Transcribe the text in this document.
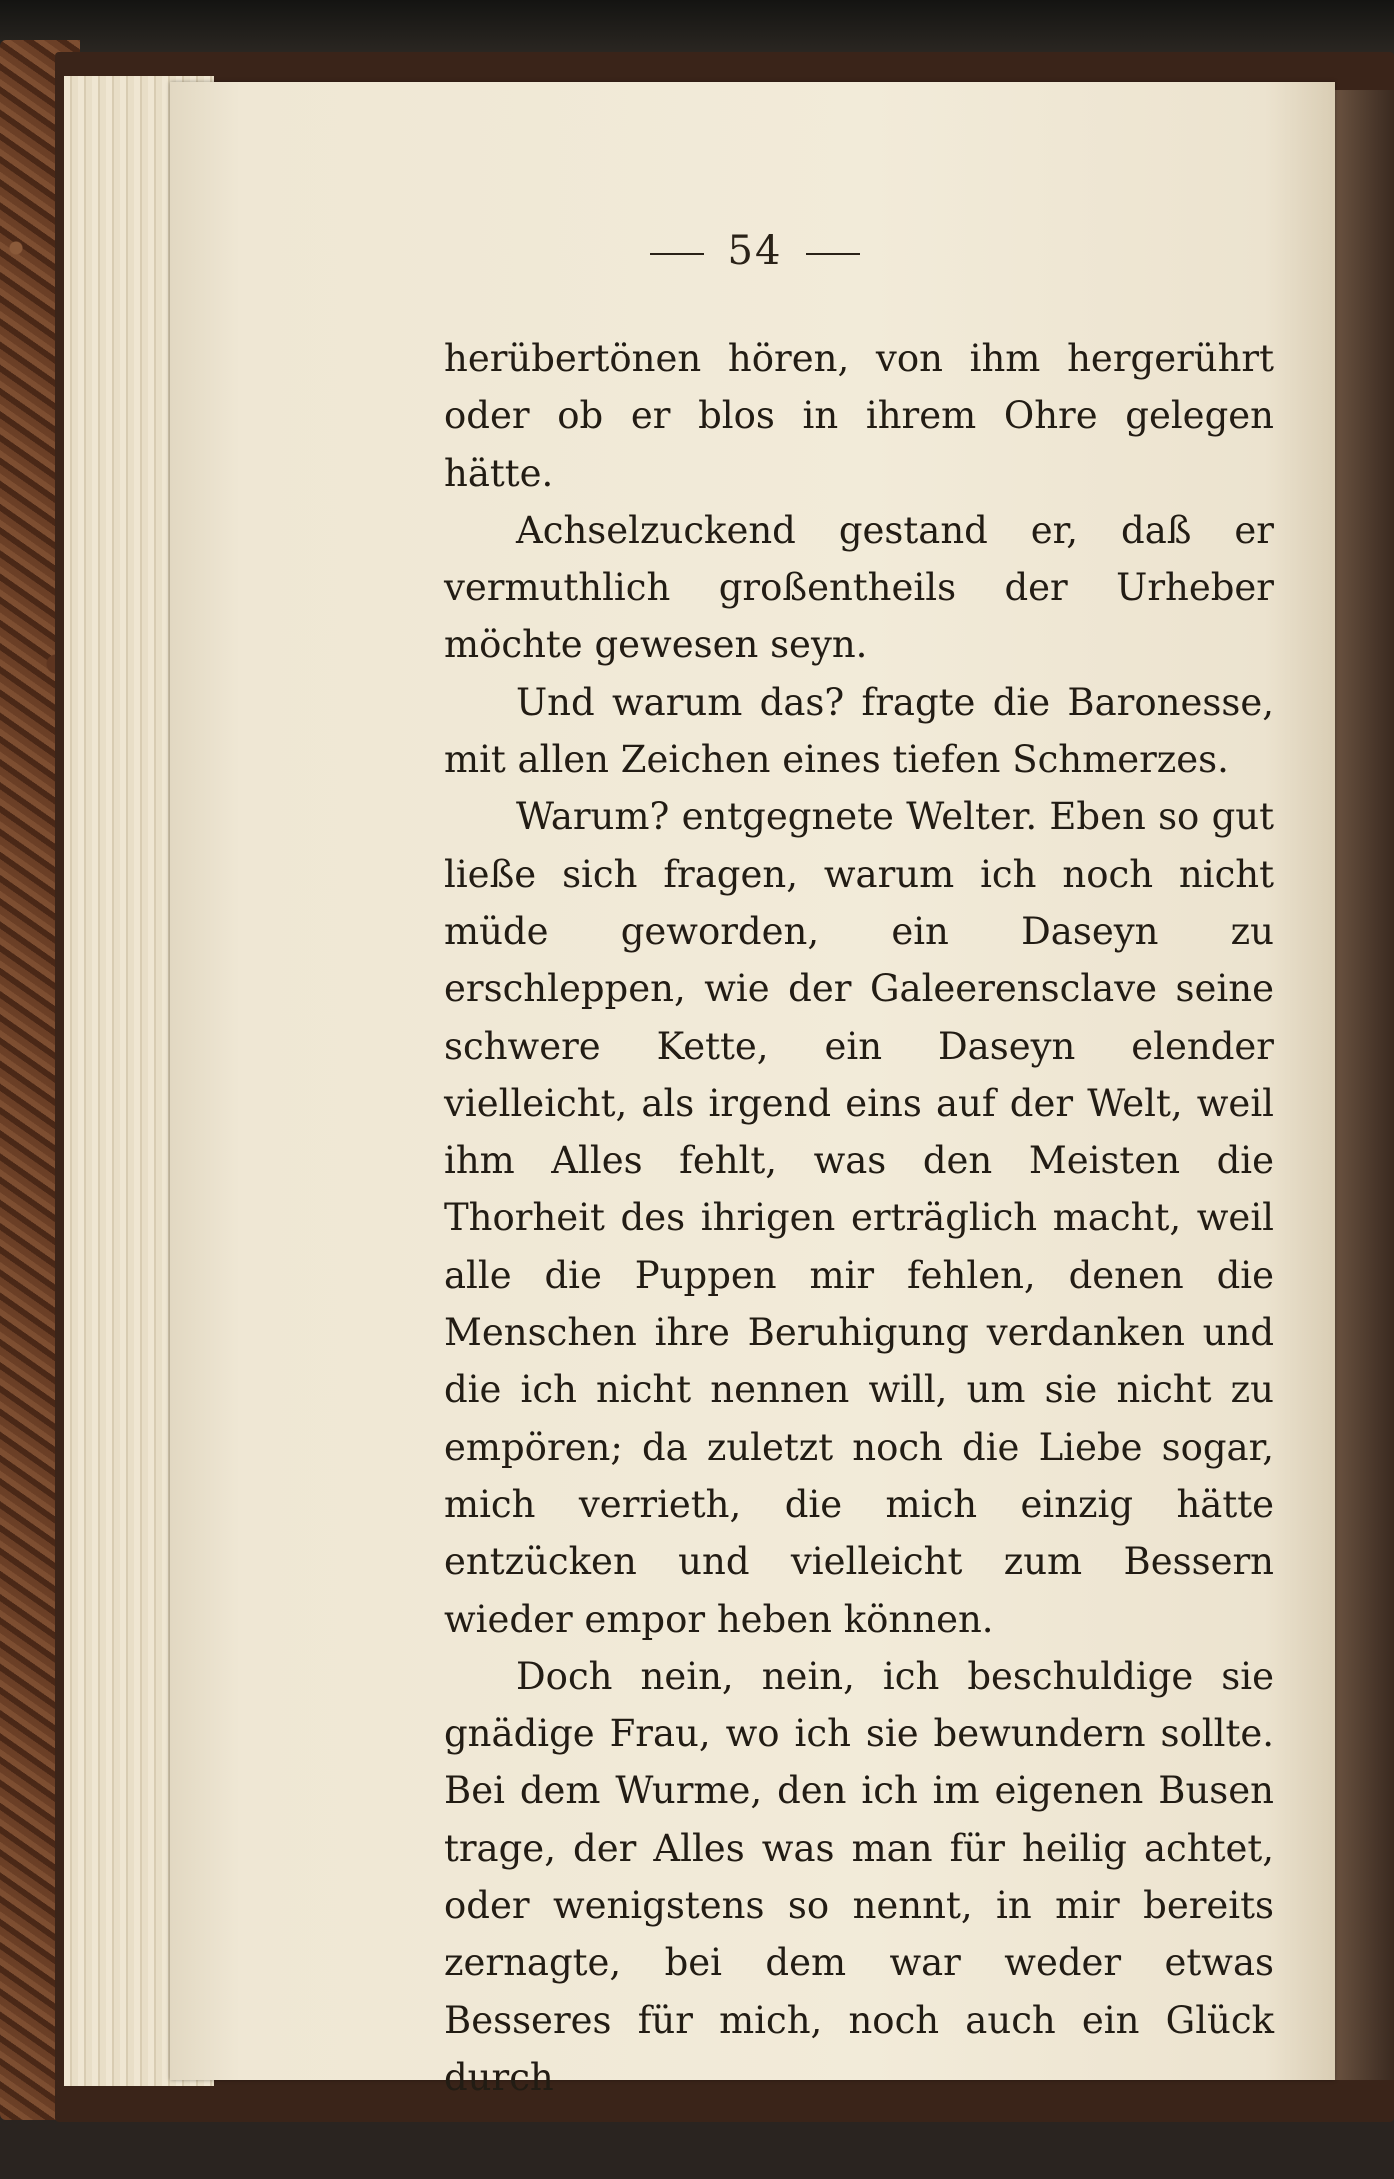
54

herübertönen hören, von ihm hergerührt oder ob er blos in ihrem Ohre gelegen hätte.

Achselzuckend gestand er, daß er vermuthlich großentheils der Urheber möchte gewesen seyn.

Und warum das? fragte die Baronesse, mit allen Zeichen eines tiefen Schmerzes.

Warum? entgegnete Welter. Eben so gut ließe sich fragen, warum ich noch nicht müde geworden, ein Daseyn zu erschleppen, wie der Galeerensclave seine schwere Kette, ein Daseyn elender vielleicht, als irgend eins auf der Welt, weil ihm Alles fehlt, was den Meisten die Thorheit des ihrigen erträglich macht, weil alle die Puppen mir fehlen, denen die Menschen ihre Beruhigung verdanken und die ich nicht nennen will, um sie nicht zu empören; da zuletzt noch die Liebe sogar, mich verrieth, die mich einzig hätte entzücken und vielleicht zum Bessern wieder empor heben können.

Doch nein, nein, ich beschuldige sie gnädige Frau, wo ich sie bewundern sollte. Bei dem Wurme, den ich im eigenen Busen trage, der Alles was man für heilig achtet, oder wenigstens so nennt, in mir bereits zernagte, bei dem war weder etwas Besseres für mich, noch auch ein Glück durch
